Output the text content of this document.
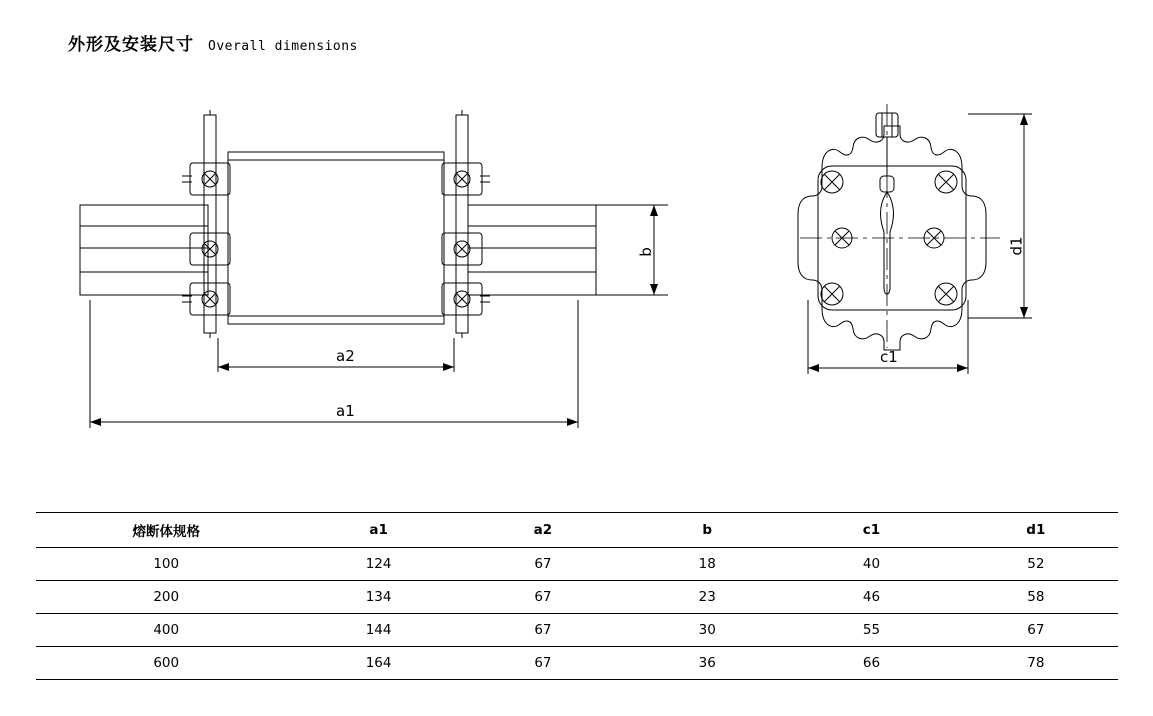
外形及安装尺寸 Overall dimensions
a2
a1
b
c1
d1
熔断体规格	a1	a2	b	c1	d1
100	124	67	18	40	52
200	134	67	23	46	58
400	144	67	30	55	67
600	164	67	36	66	78
